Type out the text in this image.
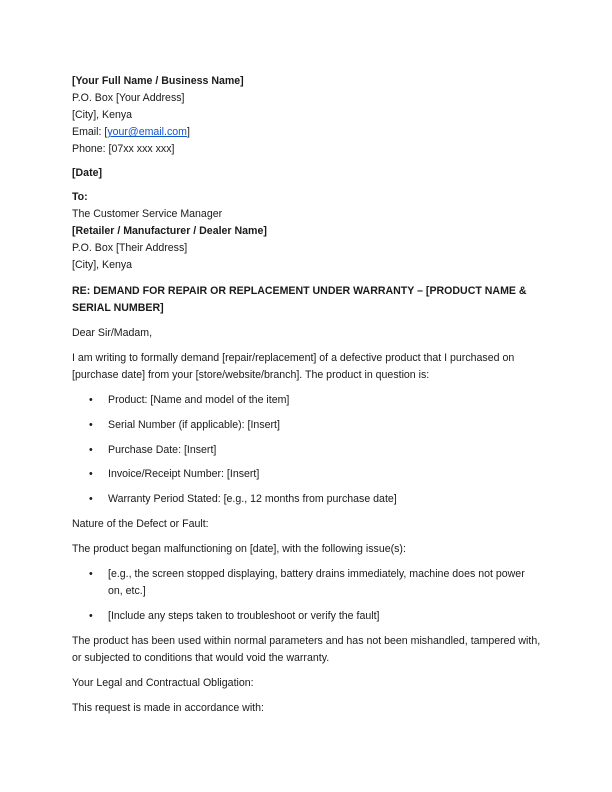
[Your Full Name / Business Name]
P.O. Box [Your Address]
[City], Kenya
Email: [your@email.com]
Phone: [07xx xxx xxx]
[Date]
To:
The Customer Service Manager
[Retailer / Manufacturer / Dealer Name]
P.O. Box [Their Address]
[City], Kenya
RE: DEMAND FOR REPAIR OR REPLACEMENT UNDER WARRANTY – [PRODUCT NAME & SERIAL NUMBER]
Dear Sir/Madam,
I am writing to formally demand [repair/replacement] of a defective product that I purchased on [purchase date] from your [store/website/branch]. The product in question is:
• Product: [Name and model of the item]
• Serial Number (if applicable): [Insert]
• Purchase Date: [Insert]
• Invoice/Receipt Number: [Insert]
• Warranty Period Stated: [e.g., 12 months from purchase date]
Nature of the Defect or Fault:
The product began malfunctioning on [date], with the following issue(s):
• [e.g., the screen stopped displaying, battery drains immediately, machine does not power on, etc.]
• [Include any steps taken to troubleshoot or verify the fault]
The product has been used within normal parameters and has not been mishandled, tampered with, or subjected to conditions that would void the warranty.
Your Legal and Contractual Obligation:
This request is made in accordance with:
